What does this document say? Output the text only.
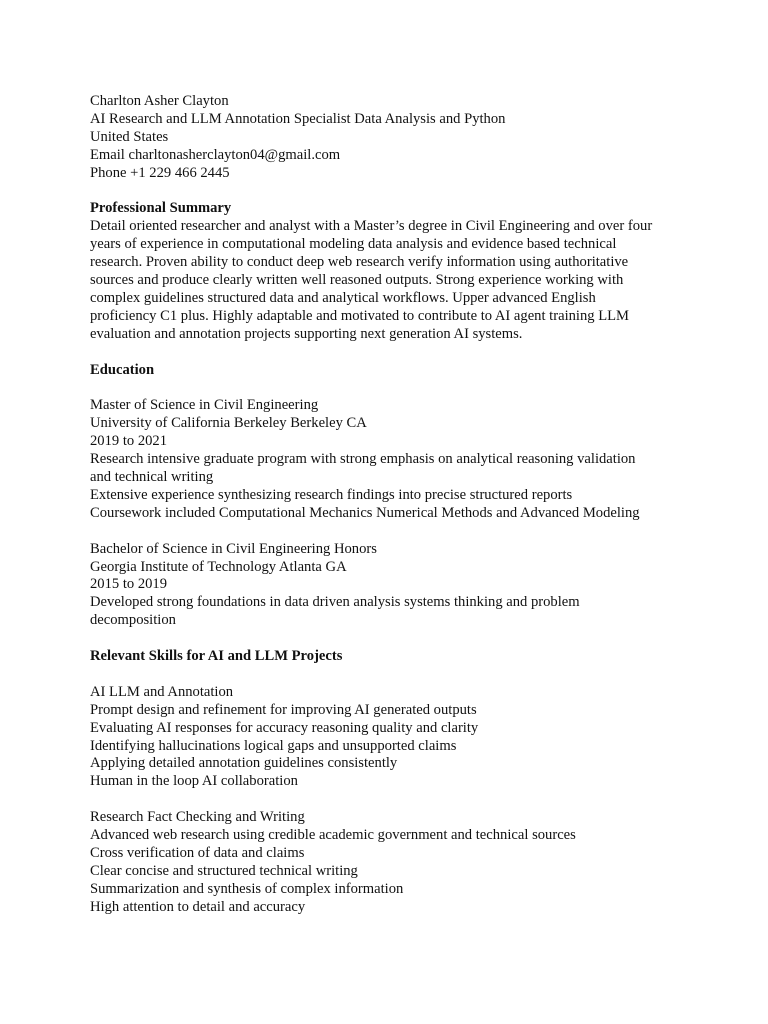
Charlton Asher Clayton
AI Research and LLM Annotation Specialist Data Analysis and Python
United States
Email charltonasherclayton04@gmail.com
Phone +1 229 466 2445
Professional Summary
Detail oriented researcher and analyst with a Master’s degree in Civil Engineering and over four
years of experience in computational modeling data analysis and evidence based technical
research. Proven ability to conduct deep web research verify information using authoritative
sources and produce clearly written well reasoned outputs. Strong experience working with
complex guidelines structured data and analytical workflows. Upper advanced English
proficiency C1 plus. Highly adaptable and motivated to contribute to AI agent training LLM
evaluation and annotation projects supporting next generation AI systems.
Education
Master of Science in Civil Engineering
University of California Berkeley Berkeley CA
2019 to 2021
Research intensive graduate program with strong emphasis on analytical reasoning validation
and technical writing
Extensive experience synthesizing research findings into precise structured reports
Coursework included Computational Mechanics Numerical Methods and Advanced Modeling
Bachelor of Science in Civil Engineering Honors
Georgia Institute of Technology Atlanta GA
2015 to 2019
Developed strong foundations in data driven analysis systems thinking and problem
decomposition
Relevant Skills for AI and LLM Projects
AI LLM and Annotation
Prompt design and refinement for improving AI generated outputs
Evaluating AI responses for accuracy reasoning quality and clarity
Identifying hallucinations logical gaps and unsupported claims
Applying detailed annotation guidelines consistently
Human in the loop AI collaboration
Research Fact Checking and Writing
Advanced web research using credible academic government and technical sources
Cross verification of data and claims
Clear concise and structured technical writing
Summarization and synthesis of complex information
High attention to detail and accuracy
